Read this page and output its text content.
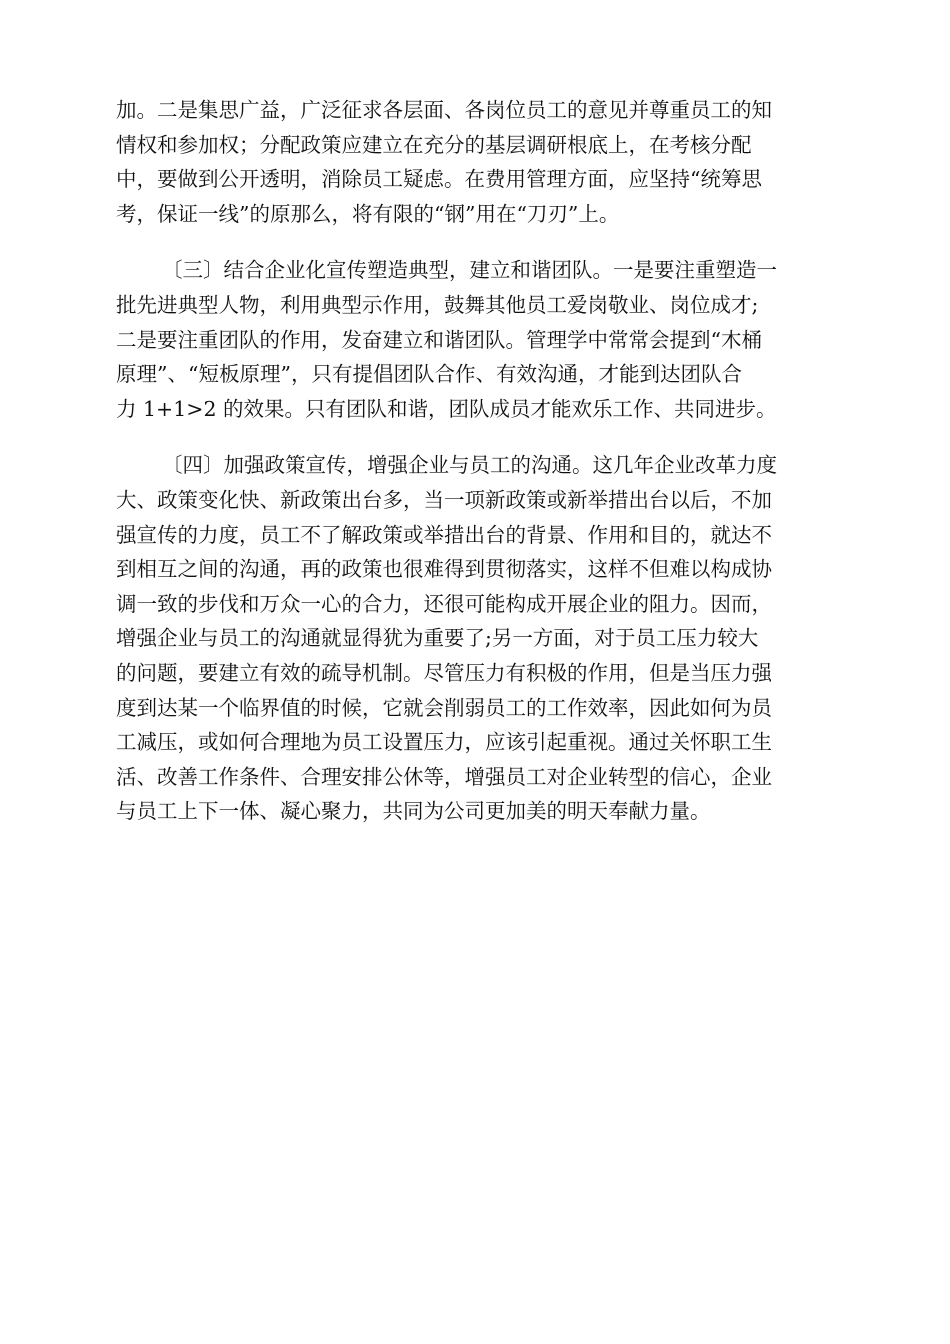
加。二是集思广益，广泛征求各层面、各岗位员工的意见并尊重员工的知
情权和参加权；分配政策应建立在充分的基层调研根底上，在考核分配
中，要做到公开透明，消除员工疑虑。在费用管理方面，应坚持“统筹思
考，保证一线”的原那么，将有限的“钢”用在“刀刃”上。
〔三〕结合企业化宣传塑造典型，建立和谐团队。一是要注重塑造一
批先进典型人物，利用典型示作用，鼓舞其他员工爱岗敬业、岗位成才;
二是要注重团队的作用，发奋建立和谐团队。管理学中常常会提到“木桶
原理”、“短板原理”，只有提倡团队合作、有效沟通，才能到达团队合
力 1+1>2 的效果。只有团队和谐，团队成员才能欢乐工作、共同进步。
〔四〕加强政策宣传，增强企业与员工的沟通。这几年企业改革力度
大、政策变化快、新政策出台多，当一项新政策或新举措出台以后，不加
强宣传的力度，员工不了解政策或举措出台的背景、作用和目的，就达不
到相互之间的沟通，再的政策也很难得到贯彻落实，这样不但难以构成协
调一致的步伐和万众一心的合力，还很可能构成开展企业的阻力。因而，
增强企业与员工的沟通就显得犹为重要了;另一方面，对于员工压力较大
的问题，要建立有效的疏导机制。尽管压力有积极的作用，但是当压力强
度到达某一个临界值的时候，它就会削弱员工的工作效率，因此如何为员
工减压，或如何合理地为员工设置压力，应该引起重视。通过关怀职工生
活、改善工作条件、合理安排公休等，增强员工对企业转型的信心，企业
与员工上下一体、凝心聚力，共同为公司更加美的明天奉献力量。
